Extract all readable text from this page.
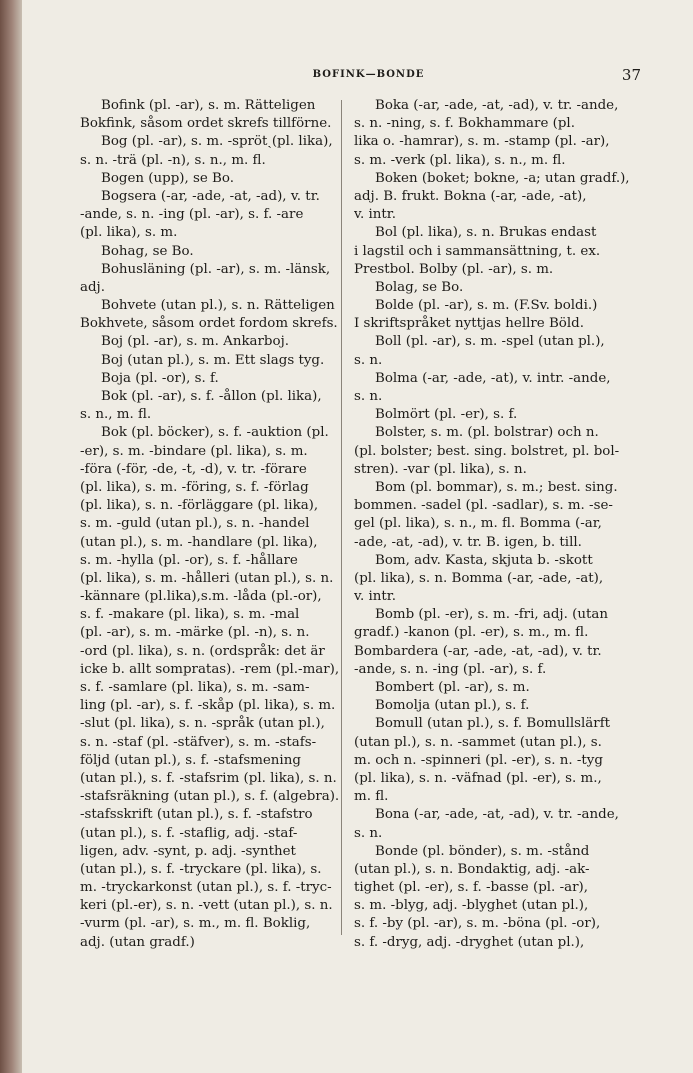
BOFINK—BONDE	37
Bofink (pl. -ar), s. m. Rätteligen
Bokfink, såsom ordet skrefs tillförne.
Bog (pl. -ar), s. m. -sprötˏ(pl. lika),
s. n. -trä (pl. -n), s. n., m. fl.
Bogen (upp), se Bo.
Bogsera (-ar, -ade, -at, -ad), v. tr.
-ande, s. n. -ing (pl. -ar), s. f. -are
(pl. lika), s. m.
Bohag, se Bo.
Bohusläning (pl. -ar), s. m. -länsk,
adj.
Bohvete (utan pl.), s. n. Rätteligen
Bokhvete, såsom ordet fordom skrefs.
Boj (pl. -ar), s. m. Ankarboj.
Boj (utan pl.), s. m. Ett slags tyg.
Boja (pl. -or), s. f.
Bok (pl. -ar), s. f. -ållon (pl. lika),
s. n., m. fl.
Bok (pl. böcker), s. f. -auktion (pl.
-er), s. m. -bindare (pl. lika), s. m.
-föra (-för, -de, -t, -d), v. tr. -förare
(pl. lika), s. m. -föring, s. f. -förlag
(pl. lika), s. n. -förläggare (pl. lika),
s. m. -guld (utan pl.), s. n. -handel
(utan pl.), s. m. -handlare (pl. lika),
s. m. -hylla (pl. -or), s. f. -hållare
(pl. lika), s. m. -hålleri (utan pl.), s. n.
-kännare (pl.lika),s.m. -låda (pl.-or),
s. f. -makare (pl. lika), s. m. -mal
(pl. -ar), s. m. -märke (pl. -n), s. n.
-ord (pl. lika), s. n. (ordspråk: det är
icke b. allt sompratas). -rem (pl.-mar),
s. f. -samlare (pl. lika), s. m. -sam-
ling (pl. -ar), s. f. -skåp (pl. lika), s. m.
-slut (pl. lika), s. n. -språk (utan pl.),
s. n. -staf (pl. -stäfver), s. m. -stafs-
följd (utan pl.), s. f. -stafsmening
(utan pl.), s. f. -stafsrim (pl. lika), s. n.
-stafsräkning (utan pl.), s. f. (algebra).
-stafsskrift (utan pl.), s. f. -stafstro
(utan pl.), s. f. -staflig, adj. -staf-
ligen, adv. -synt, p. adj. -synthet
(utan pl.), s. f. -tryckare (pl. lika), s.
m. -tryckarkonst (utan pl.), s. f. -tryc-
keri (pl.-er), s. n. -vett (utan pl.), s. n.
-vurm (pl. -ar), s. m., m. fl. Boklig,
adj. (utan gradf.)
Boka (-ar, -ade, -at, -ad), v. tr. -ande,
s. n. -ning, s. f. Bokhammare (pl.
lika o. -hamrar), s. m. -stamp (pl. -ar),
s. m. -verk (pl. lika), s. n., m. fl.
Boken (boket; bokne, -a; utan gradf.),
adj. B. frukt. Bokna (-ar, -ade, -at),
v. intr.
Bol (pl. lika), s. n. Brukas endast
i lagstil och i sammansättning, t. ex.
Prestbol. Bolby (pl. -ar), s. m.
Bolag, se Bo.
Bolde (pl. -ar), s. m. (F.Sv. boldi.)
I skriftspråket nyttjas hellre Böld.
Boll (pl. -ar), s. m. -spel (utan pl.),
s. n.
Bolma (-ar, -ade, -at), v. intr. -ande,
s. n.
Bolmört (pl. -er), s. f.
Bolster, s. m. (pl. bolstrar) och n.
(pl. bolster; best. sing. bolstret, pl. bol-
stren). -var (pl. lika), s. n.
Bom (pl. bommar), s. m.; best. sing.
bommen. -sadel (pl. -sadlar), s. m. -se-
gel (pl. lika), s. n., m. fl. Bomma (-ar,
-ade, -at, -ad), v. tr. B. igen, b. till.
Bom, adv. Kasta, skjuta b. -skott
(pl. lika), s. n. Bomma (-ar, -ade, -at),
v. intr.
Bomb (pl. -er), s. m. -fri, adj. (utan
gradf.) -kanon (pl. -er), s. m., m. fl.
Bombardera (-ar, -ade, -at, -ad), v. tr.
-ande, s. n. -ing (pl. -ar), s. f.
Bombert (pl. -ar), s. m.
Bomolja (utan pl.), s. f.
Bomull (utan pl.), s. f. Bomullslärft
(utan pl.), s. n. -sammet (utan pl.), s.
m. och n. -spinneri (pl. -er), s. n. -tyg
(pl. lika), s. n. -väfnad (pl. -er), s. m.,
m. fl.
Bona (-ar, -ade, -at, -ad), v. tr. -ande,
s. n.
Bonde (pl. bönder), s. m. -stånd
(utan pl.), s. n. Bondaktig, adj. -ak-
tighet (pl. -er), s. f. -basse (pl. -ar),
s. m. -blyg, adj. -blyghet (utan pl.),
s. f. -by (pl. -ar), s. m. -böna (pl. -or),
s. f. -dryg, adj. -dryghet (utan pl.),
